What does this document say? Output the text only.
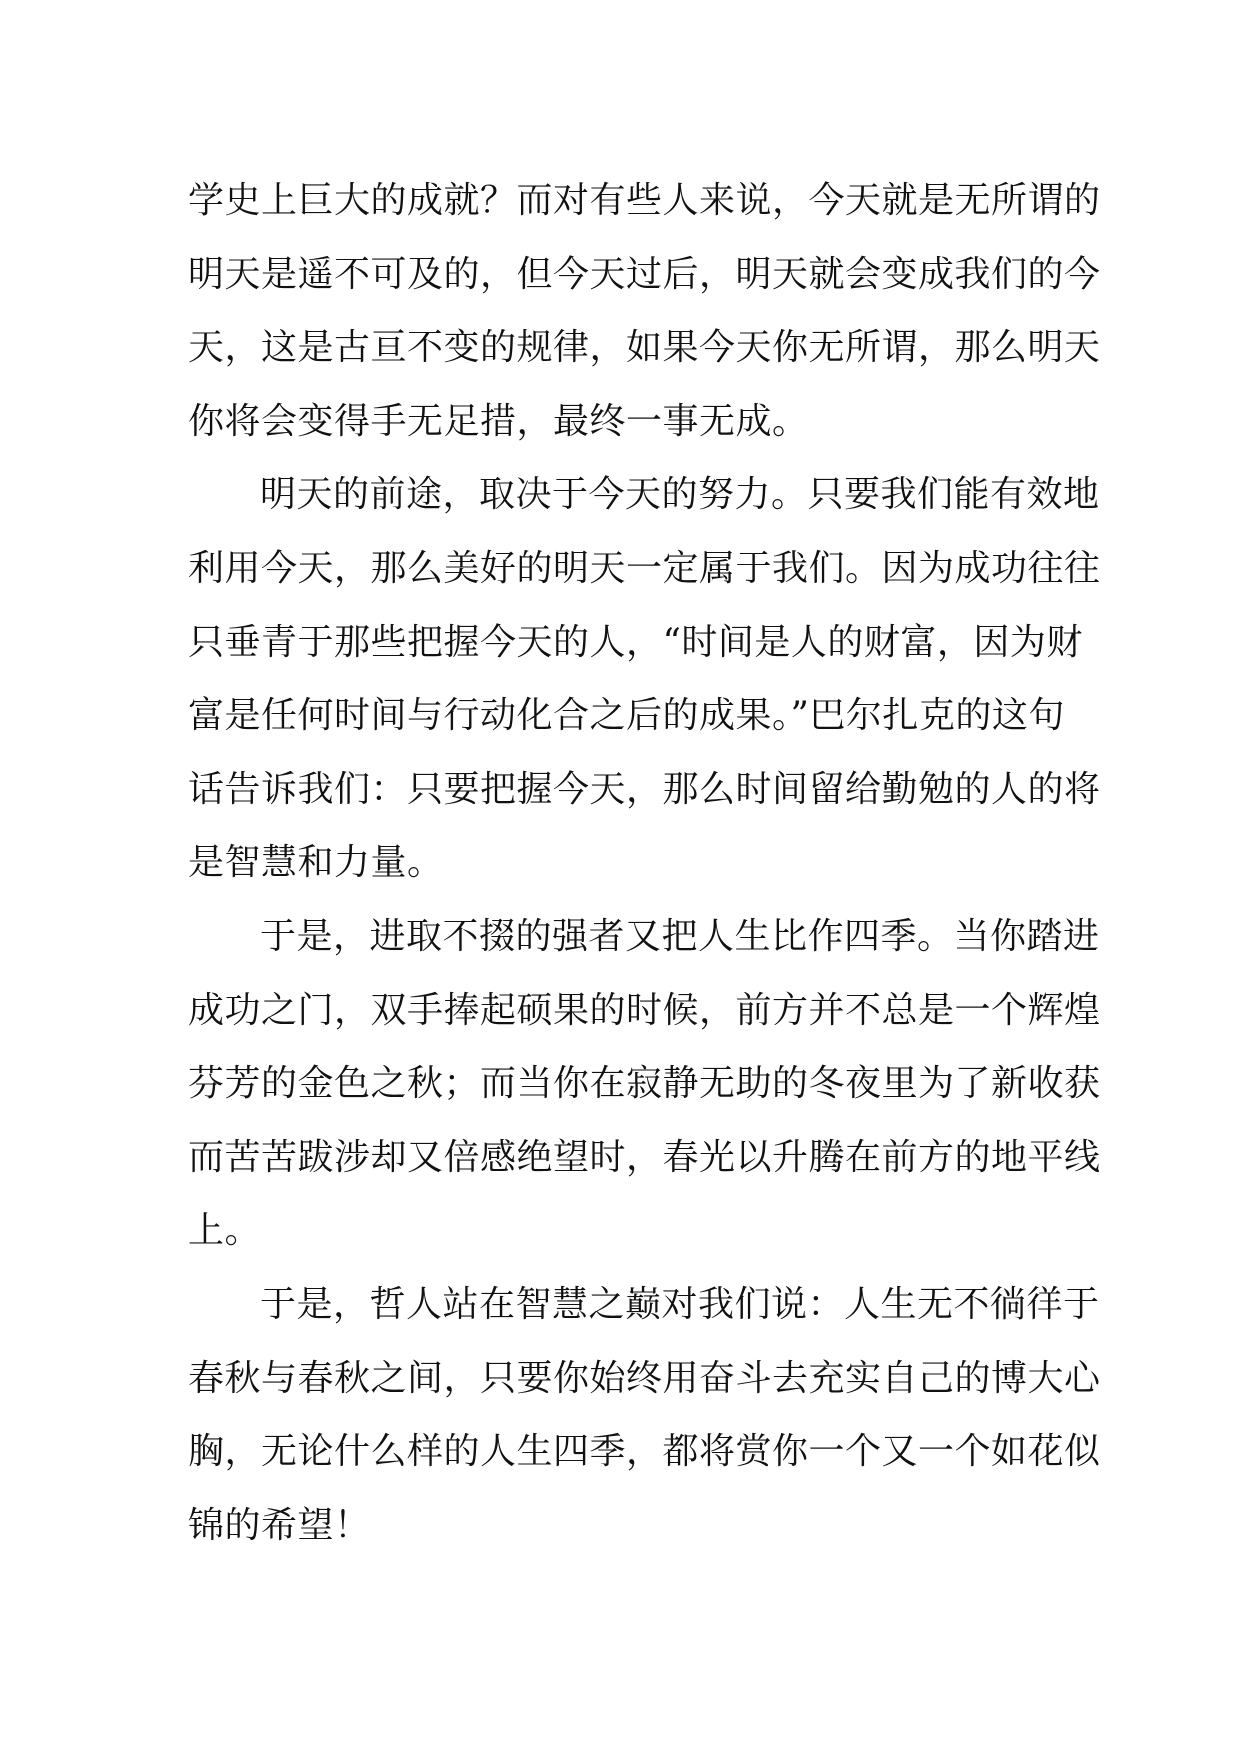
学史上巨大的成就？而对有些人来说，今天就是无所谓的
明天是遥不可及的，但今天过后，明天就会变成我们的今
天，这是古亘不变的规律，如果今天你无所谓，那么明天
你将会变得手无足措，最终一事无成。
明天的前途，取决于今天的努力。只要我们能有效地
利用今天，那么美好的明天一定属于我们。因为成功往往
只垂青于那些把握今天的人，“时间是人的财富，因为财
富是任何时间与行动化合之后的成果。”巴尔扎克的这句
话告诉我们：只要把握今天，那么时间留给勤勉的人的将
是智慧和力量。
于是，进取不掇的强者又把人生比作四季。当你踏进
成功之门，双手捧起硕果的时候，前方并不总是一个辉煌
芬芳的金色之秋；而当你在寂静无助的冬夜里为了新收获
而苦苦跋涉却又倍感绝望时，春光以升腾在前方的地平线
上。
于是，哲人站在智慧之巅对我们说：人生无不徜徉于
春秋与春秋之间，只要你始终用奋斗去充实自己的博大心
胸，无论什么样的人生四季，都将赏你一个又一个如花似
锦的希望！
